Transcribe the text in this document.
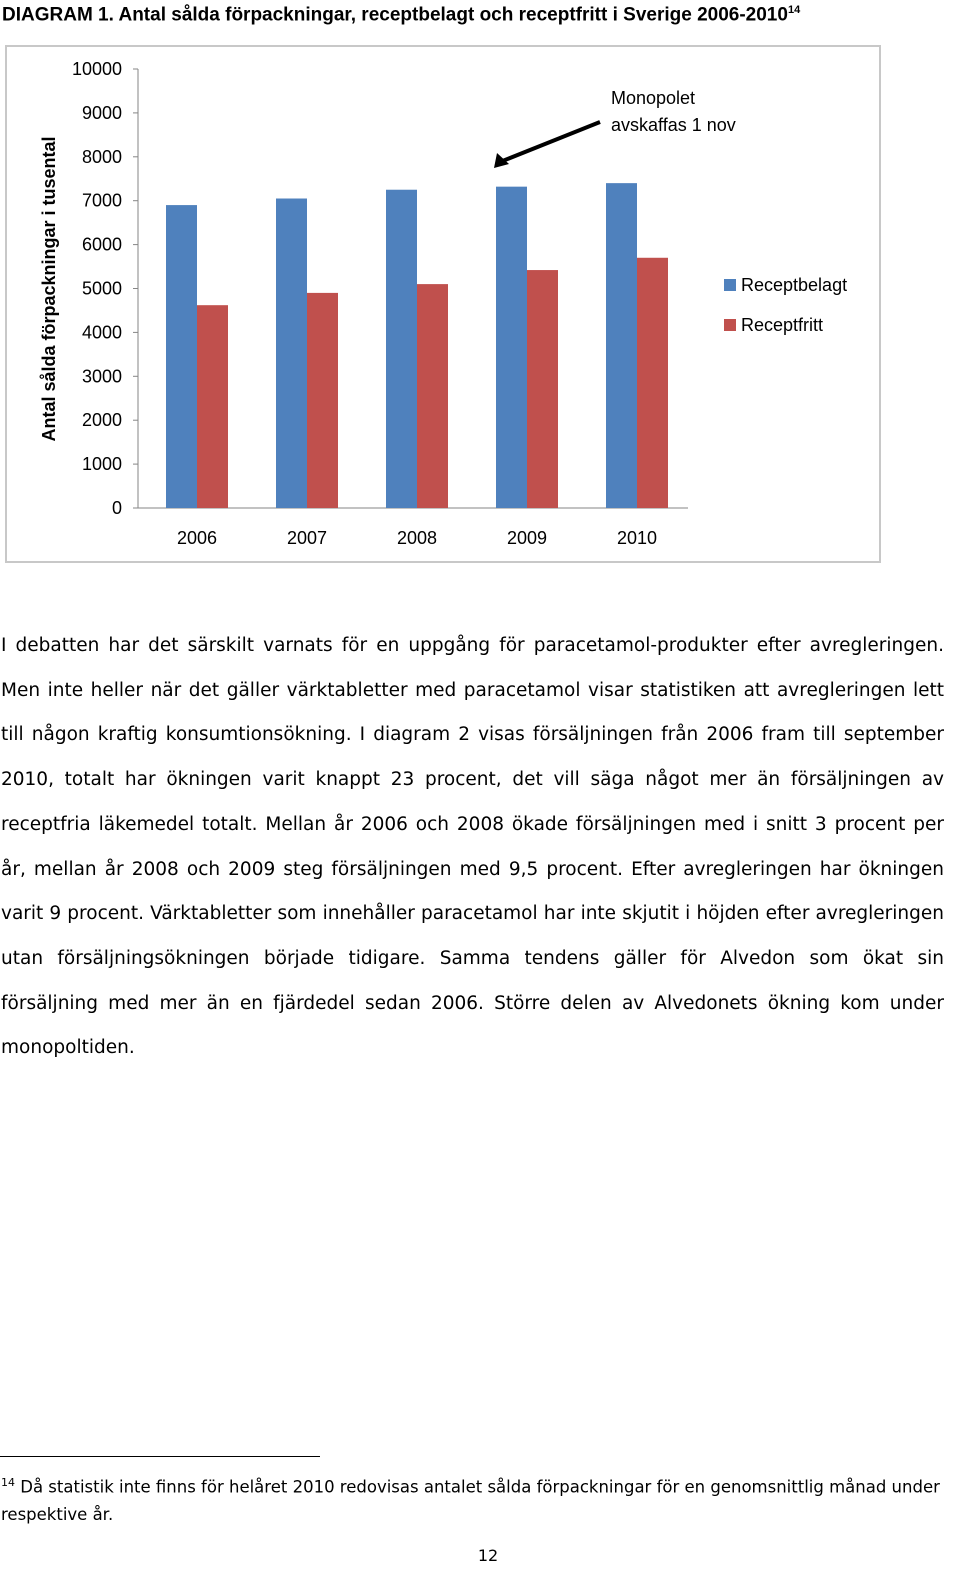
DIAGRAM 1. Antal sålda förpackningar, receptbelagt och receptfritt i Sverige 2006-2010$^{14}$
0
1000
2000
3000
4000
5000
6000
7000
8000
9000
10000
Antal sålda förpackningar i tusental
2006	2007	2008	2009	2010
Receptbelagt
Receptfritt
Monopolet
avskaffas 1 nov

I debatten har det särskilt varnats för en uppgång för paracetamol-produkter efter avregleringen. Men inte heller när det gäller värktabletter med paracetamol visar statistiken att avregleringen lett till någon kraftig konsumtionsökning. I diagram 2 visas försäljningen från 2006 fram till september 2010, totalt har ökningen varit knappt 23 procent, det vill säga något mer än försäljningen av receptfria läkemedel totalt. Mellan år 2006 och 2008 ökade försäljningen med i snitt 3 procent per år, mellan år 2008 och 2009 steg försäljningen med 9,5 procent. Efter avregleringen har ökningen varit 9 procent. Värktabletter som innehåller paracetamol har inte skjutit i höjden efter avregleringen utan försäljningsökningen började tidigare. Samma tendens gäller för Alvedon som ökat sin försäljning med mer än en fjärdedel sedan 2006. Större delen av Alvedonets ökning kom under monopoltiden.

$^{14}$ Då statistik inte finns för helåret 2010 redovisas antalet sålda förpackningar för en genomsnittlig månad under respektive år.
12
